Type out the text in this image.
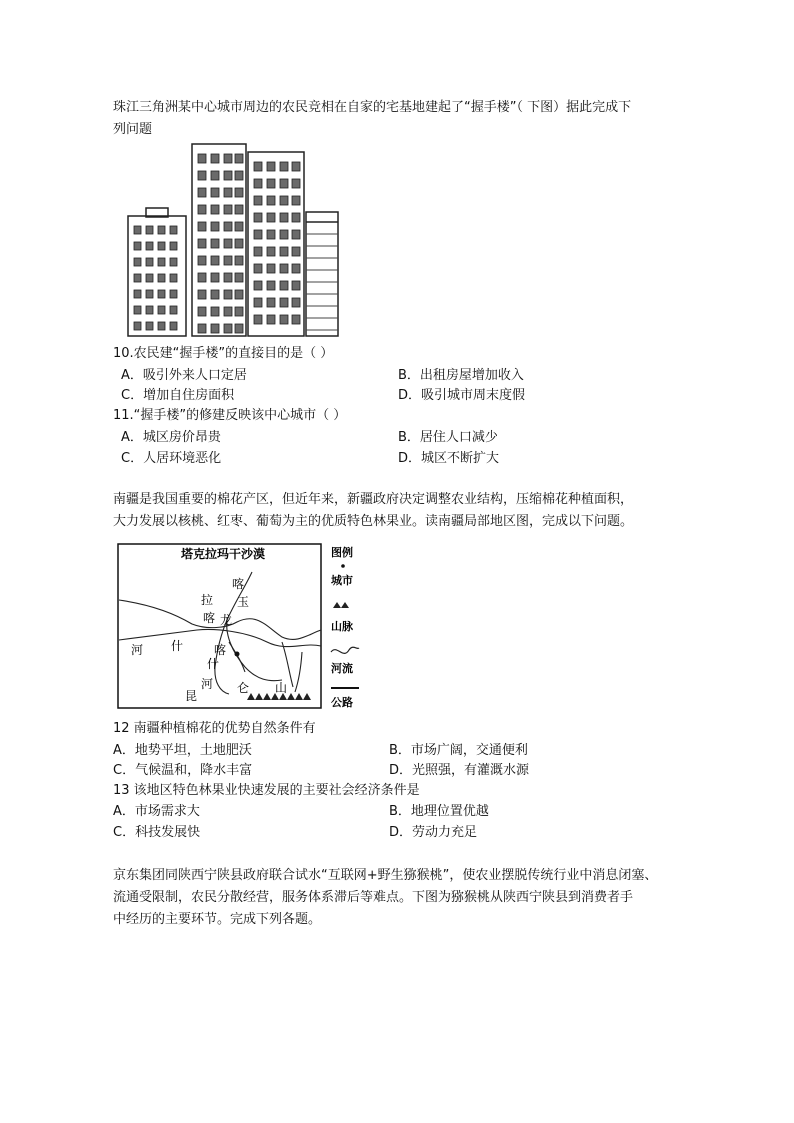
珠江三角洲某中心城市周边的农民竞相在自家的宅基地建起了“握手楼”（ 下图）据此完成下
列问题
10.农民建“握手楼”的直接目的是（ ）
A．吸引外来人口定居	B．出租房屋增加收入
C．增加自住房面积	D．吸引城市周末度假
11.“握手楼”的修建反映该中心城市（ ）
A．城区房价昂贵	B．居住人口减少
C．人居环境恶化	D．城区不断扩大
南疆是我国重要的棉花产区，但近年来，新疆政府决定调整农业结构，压缩棉花种植面积，
大力发展以核桃、红枣、葡萄为主的优质特色林果业。读南疆局部地区图，完成以下问题。
塔克拉玛干沙漠
喀
拉 玉
喀 龙
河 什	喀
什
河
昆
仑 山
图例
城市
山脉
河流
公路
12 南疆种植棉花的优势自然条件有
A．地势平坦，土地肥沃	B．市场广阔，交通便利
C．气候温和，降水丰富	D．光照强，有灌溉水源
13 该地区特色林果业快速发展的主要社会经济条件是
A．市场需求大	B．地理位置优越
C．科技发展快	D．劳动力充足
京东集团同陕西宁陕县政府联合试水“互联网+野生猕猴桃”，使农业摆脱传统行业中消息闭塞、
流通受限制，农民分散经营，服务体系滞后等难点。下图为猕猴桃从陕西宁陕县到消费者手
中经历的主要环节。完成下列各题。
